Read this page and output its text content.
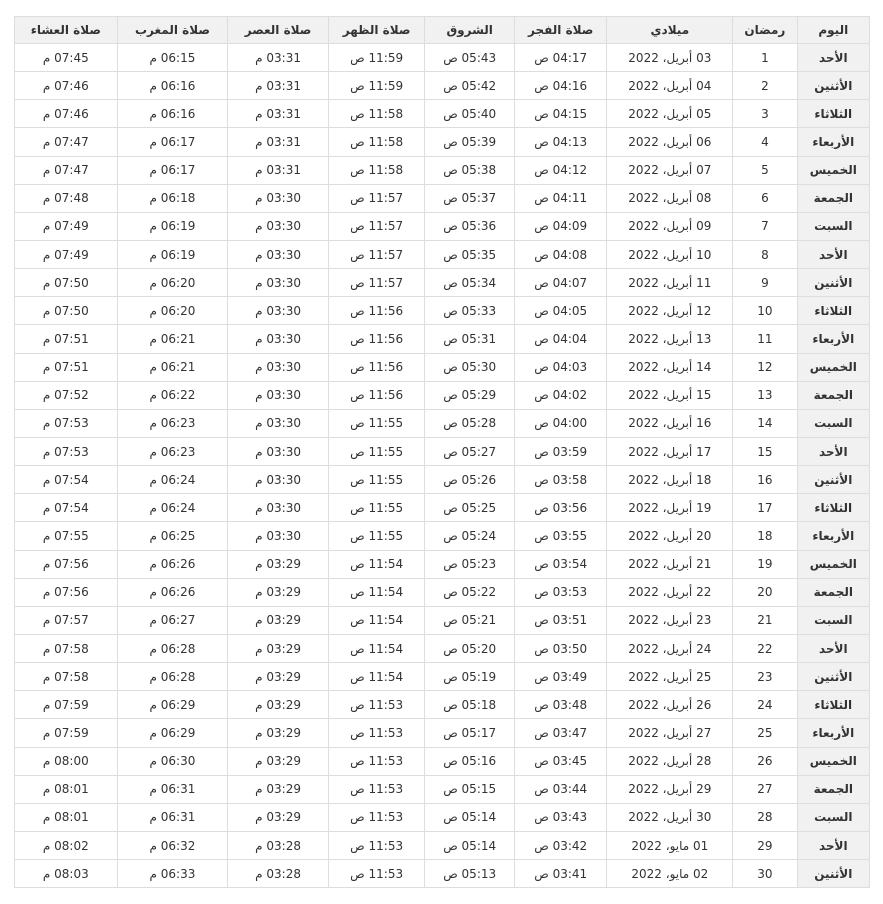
اليوم	رمضان	ميلادي	صلاة الفجر	الشروق	صلاة الظهر	صلاة العصر	صلاة المغرب	صلاة العشاء
الأحد	1	03 أبريل، 2022	04:17 ص	05:43 ص	11:59 ص	03:31 م	06:15 م	07:45 م
الأثنين	2	04 أبريل، 2022	04:16 ص	05:42 ص	11:59 ص	03:31 م	06:16 م	07:46 م
الثلاثاء	3	05 أبريل، 2022	04:15 ص	05:40 ص	11:58 ص	03:31 م	06:16 م	07:46 م
الأربعاء	4	06 أبريل، 2022	04:13 ص	05:39 ص	11:58 ص	03:31 م	06:17 م	07:47 م
الخميس	5	07 أبريل، 2022	04:12 ص	05:38 ص	11:58 ص	03:31 م	06:17 م	07:47 م
الجمعة	6	08 أبريل، 2022	04:11 ص	05:37 ص	11:57 ص	03:30 م	06:18 م	07:48 م
السبت	7	09 أبريل، 2022	04:09 ص	05:36 ص	11:57 ص	03:30 م	06:19 م	07:49 م
الأحد	8	10 أبريل، 2022	04:08 ص	05:35 ص	11:57 ص	03:30 م	06:19 م	07:49 م
الأثنين	9	11 أبريل، 2022	04:07 ص	05:34 ص	11:57 ص	03:30 م	06:20 م	07:50 م
الثلاثاء	10	12 أبريل، 2022	04:05 ص	05:33 ص	11:56 ص	03:30 م	06:20 م	07:50 م
الأربعاء	11	13 أبريل، 2022	04:04 ص	05:31 ص	11:56 ص	03:30 م	06:21 م	07:51 م
الخميس	12	14 أبريل، 2022	04:03 ص	05:30 ص	11:56 ص	03:30 م	06:21 م	07:51 م
الجمعة	13	15 أبريل، 2022	04:02 ص	05:29 ص	11:56 ص	03:30 م	06:22 م	07:52 م
السبت	14	16 أبريل، 2022	04:00 ص	05:28 ص	11:55 ص	03:30 م	06:23 م	07:53 م
الأحد	15	17 أبريل، 2022	03:59 ص	05:27 ص	11:55 ص	03:30 م	06:23 م	07:53 م
الأثنين	16	18 أبريل، 2022	03:58 ص	05:26 ص	11:55 ص	03:30 م	06:24 م	07:54 م
الثلاثاء	17	19 أبريل، 2022	03:56 ص	05:25 ص	11:55 ص	03:30 م	06:24 م	07:54 م
الأربعاء	18	20 أبريل، 2022	03:55 ص	05:24 ص	11:55 ص	03:30 م	06:25 م	07:55 م
الخميس	19	21 أبريل، 2022	03:54 ص	05:23 ص	11:54 ص	03:29 م	06:26 م	07:56 م
الجمعة	20	22 أبريل، 2022	03:53 ص	05:22 ص	11:54 ص	03:29 م	06:26 م	07:56 م
السبت	21	23 أبريل، 2022	03:51 ص	05:21 ص	11:54 ص	03:29 م	06:27 م	07:57 م
الأحد	22	24 أبريل، 2022	03:50 ص	05:20 ص	11:54 ص	03:29 م	06:28 م	07:58 م
الأثنين	23	25 أبريل، 2022	03:49 ص	05:19 ص	11:54 ص	03:29 م	06:28 م	07:58 م
الثلاثاء	24	26 أبريل، 2022	03:48 ص	05:18 ص	11:53 ص	03:29 م	06:29 م	07:59 م
الأربعاء	25	27 أبريل، 2022	03:47 ص	05:17 ص	11:53 ص	03:29 م	06:29 م	07:59 م
الخميس	26	28 أبريل، 2022	03:45 ص	05:16 ص	11:53 ص	03:29 م	06:30 م	08:00 م
الجمعة	27	29 أبريل، 2022	03:44 ص	05:15 ص	11:53 ص	03:29 م	06:31 م	08:01 م
السبت	28	30 أبريل، 2022	03:43 ص	05:14 ص	11:53 ص	03:29 م	06:31 م	08:01 م
الأحد	29	01 مايو، 2022	03:42 ص	05:14 ص	11:53 ص	03:28 م	06:32 م	08:02 م
الأثنين	30	02 مايو، 2022	03:41 ص	05:13 ص	11:53 ص	03:28 م	06:33 م	08:03 م
